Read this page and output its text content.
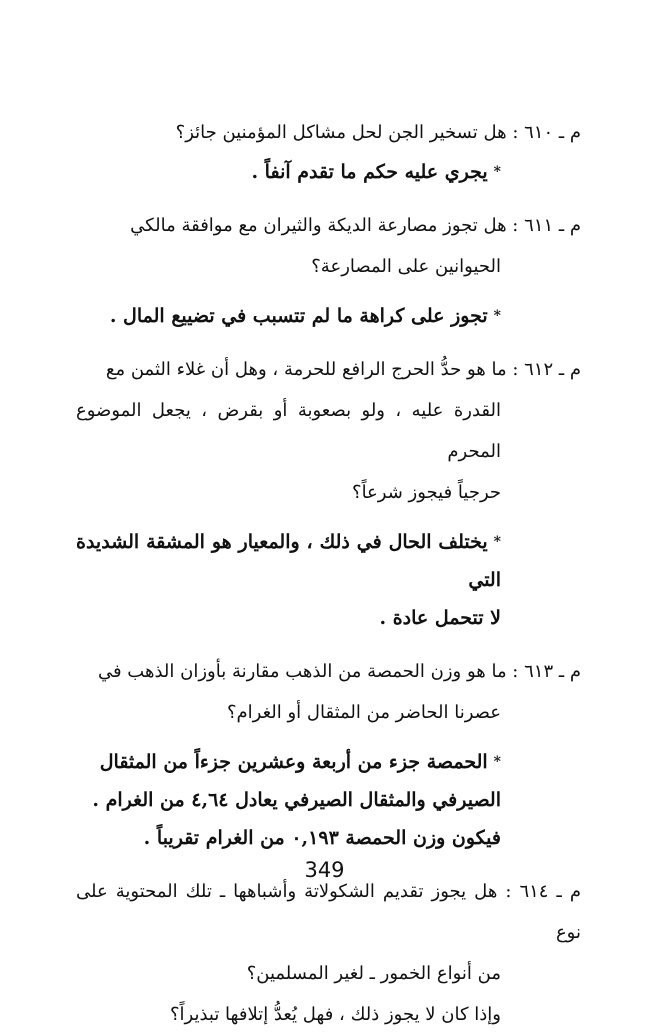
م ـ ٦١٠ : هل تسخير الجن لحل مشاكل المؤمنين جائز؟

*يجري عليه حكم ما تقدم آنفاً .

م ـ ٦١١ : هل تجوز مصارعة الديكة والثيران مع موافقة مالكي

الحيوانين على المصارعة؟

*تجوز على كراهة ما لم تتسبب في تضييع المال .

م ـ ٦١٢ : ما هو حدُّ الحرج الرافع للحرمة ، وهل أن غلاء الثمن مع

القدرة عليه ، ولو بصعوبة أو بقرض ، يجعل الموضوع المحرم

حرجياً فيجوز شرعاً؟

*يختلف الحال في ذلك ، والمعيار هو المشقة الشديدة التي

لا تتحمل عادة .

م ـ ٦١٣ : ما هو وزن الحمصة من الذهب مقارنة بأوزان الذهب في

عصرنا الحاضر من المثقال أو الغرام؟

*الحمصة جزء من أربعة وعشرين جزءاً من المثقال

الصيرفي والمثقال الصيرفي يعادل ٤,٦٤ من الغرام .

فيكون وزن الحمصة ٠,١٩٣ من الغرام تقريباً .

م ـ ٦١٤ : هل يجوز تقديم الشكولاتة وأشباهها ـ تلك المحتوية على نوع

من أنواع الخمور ـ لغير المسلمين؟

وإذا كان لا يجوز ذلك ، فهل يُعدُّ إتلافها تبذيراً؟

349
